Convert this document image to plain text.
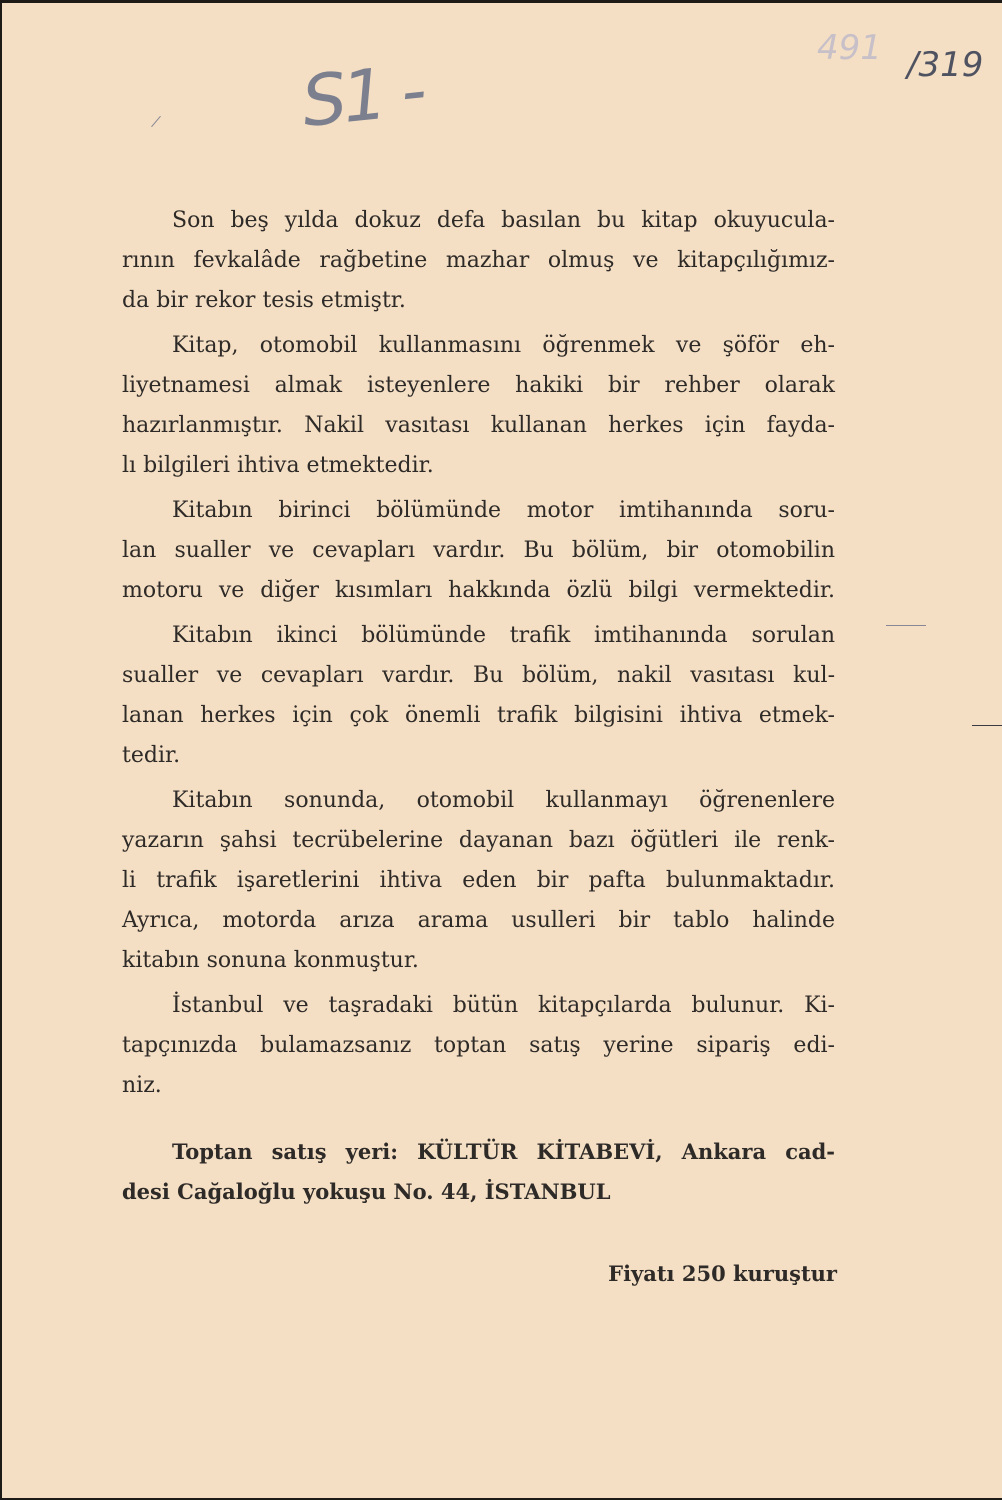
S1 -
491 /319
Son beş yılda dokuz defa basılan bu kitap okuyucula-
rının fevkalâde rağbetine mazhar olmuş ve kitapçılığımız-
da bir rekor tesis etmiştr.
Kitap, otomobil kullanmasını öğrenmek ve şöför eh-
liyetnamesi almak isteyenlere hakiki bir rehber olarak
hazırlanmıştır. Nakil vasıtası kullanan herkes için fayda-
lı bilgileri ihtiva etmektedir.
Kitabın birinci bölümünde motor imtihanında soru-
lan sualler ve cevapları vardır. Bu bölüm, bir otomobilin
motoru ve diğer kısımları hakkında özlü bilgi vermektedir.
Kitabın ikinci bölümünde trafik imtihanında sorulan
sualler ve cevapları vardır. Bu bölüm, nakil vasıtası kul-
lanan herkes için çok önemli trafik bilgisini ihtiva etmek-
tedir.
Kitabın sonunda, otomobil kullanmayı öğrenenlere
yazarın şahsi tecrübelerine dayanan bazı öğütleri ile renk-
li trafik işaretlerini ihtiva eden bir pafta bulunmaktadır.
Ayrıca, motorda arıza arama usulleri bir tablo halinde
kitabın sonuna konmuştur.
İstanbul ve taşradaki bütün kitapçılarda bulunur. Ki-
tapçınızda bulamazsanız toptan satış yerine sipariş edi-
niz.
Toptan satış yeri: KÜLTÜR KİTABEVİ, Ankara cad-
desi Cağaloğlu yokuşu No. 44, İSTANBUL
Fiyatı 250 kuruştur
